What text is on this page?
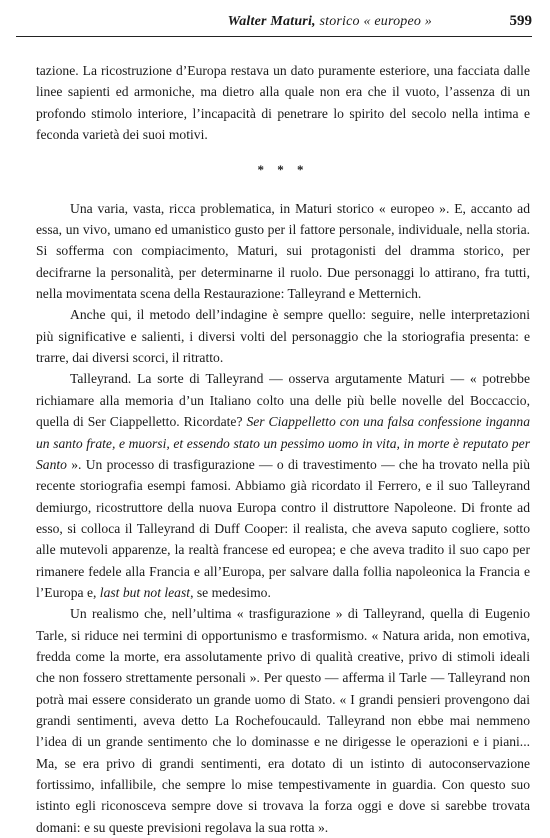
Walter Maturi, storico « europeo »	599

tazione. La ricostruzione d’Europa restava un dato puramente esteriore, una facciata dalle linee sapienti ed armoniche, ma dietro alla quale non era che il vuoto, l’assenza di un profondo stimolo interiore, l’incapacità di penetrare lo spirito del secolo nella intima e feconda varietà dei suoi motivi.

* * *

Una varia, vasta, ricca problematica, in Maturi storico « europeo ». E, accanto ad essa, un vivo, umano ed umanistico gusto per il fattore personale, individuale, nella storia. Si sofferma con compiacimento, Maturi, sui protagonisti del dramma storico, per decifrarne la personalità, per determinarne il ruolo. Due personaggi lo attirano, fra tutti, nella movimentata scena della Restaurazione: Talleyrand e Metternich.

Anche qui, il metodo dell’indagine è sempre quello: seguire, nelle interpretazioni più significative e salienti, i diversi volti del personaggio che la storiografia presenta: e trarre, dai diversi scorci, il ritratto.

Talleyrand. La sorte di Talleyrand — osserva argutamente Maturi — « potrebbe richiamare alla memoria d’un Italiano colto una delle più belle novelle del Boccaccio, quella di Ser Ciappelletto. Ricordate? Ser Ciappelletto con una falsa confessione inganna un santo frate, e muorsi, et essendo stato un pessimo uomo in vita, in morte è reputato per Santo ». Un processo di trasfigurazione — o di travestimento — che ha trovato nella più recente storiografia esempi famosi. Abbiamo già ricordato il Ferrero, e il suo Talleyrand demiurgo, ricostruttore della nuova Europa contro il distruttore Napoleone. Di fronte ad esso, si colloca il Talleyrand di Duff Cooper: il realista, che aveva saputo cogliere, sotto alle mutevoli apparenze, la realtà francese ed europea; e che aveva tradito il suo capo per rimanere fedele alla Francia e all’Europa, per salvare dalla follia napoleonica la Francia e l’Europa e, last but not least, se medesimo.

Un realismo che, nell’ultima « trasfigurazione » di Talleyrand, quella di Eugenio Tarle, si riduce nei termini di opportunismo e trasformismo. « Natura arida, non emotiva, fredda come la morte, era assolutamente privo di qualità creative, privo di stimoli ideali che non fossero strettamente personali ». Per questo — afferma il Tarle — Talleyrand non potrà mai essere considerato un grande uomo di Stato. « I grandi pensieri provengono dai grandi sentimenti, aveva detto La Rochefoucauld. Talleyrand non ebbe mai nemmeno l’idea di un grande sentimento che lo dominasse e ne dirigesse le operazioni e i piani... Ma, se era privo di grandi sentimenti, era dotato di un istinto di autoconservazione fortissimo, infallibile, che sempre lo mise tempestivamente in guardia. Con questo suo istinto egli riconosceva sempre dove si trovava la forza oggi e dove si sarebbe trovata domani: e su queste previsioni regolava la sua rotta ».
